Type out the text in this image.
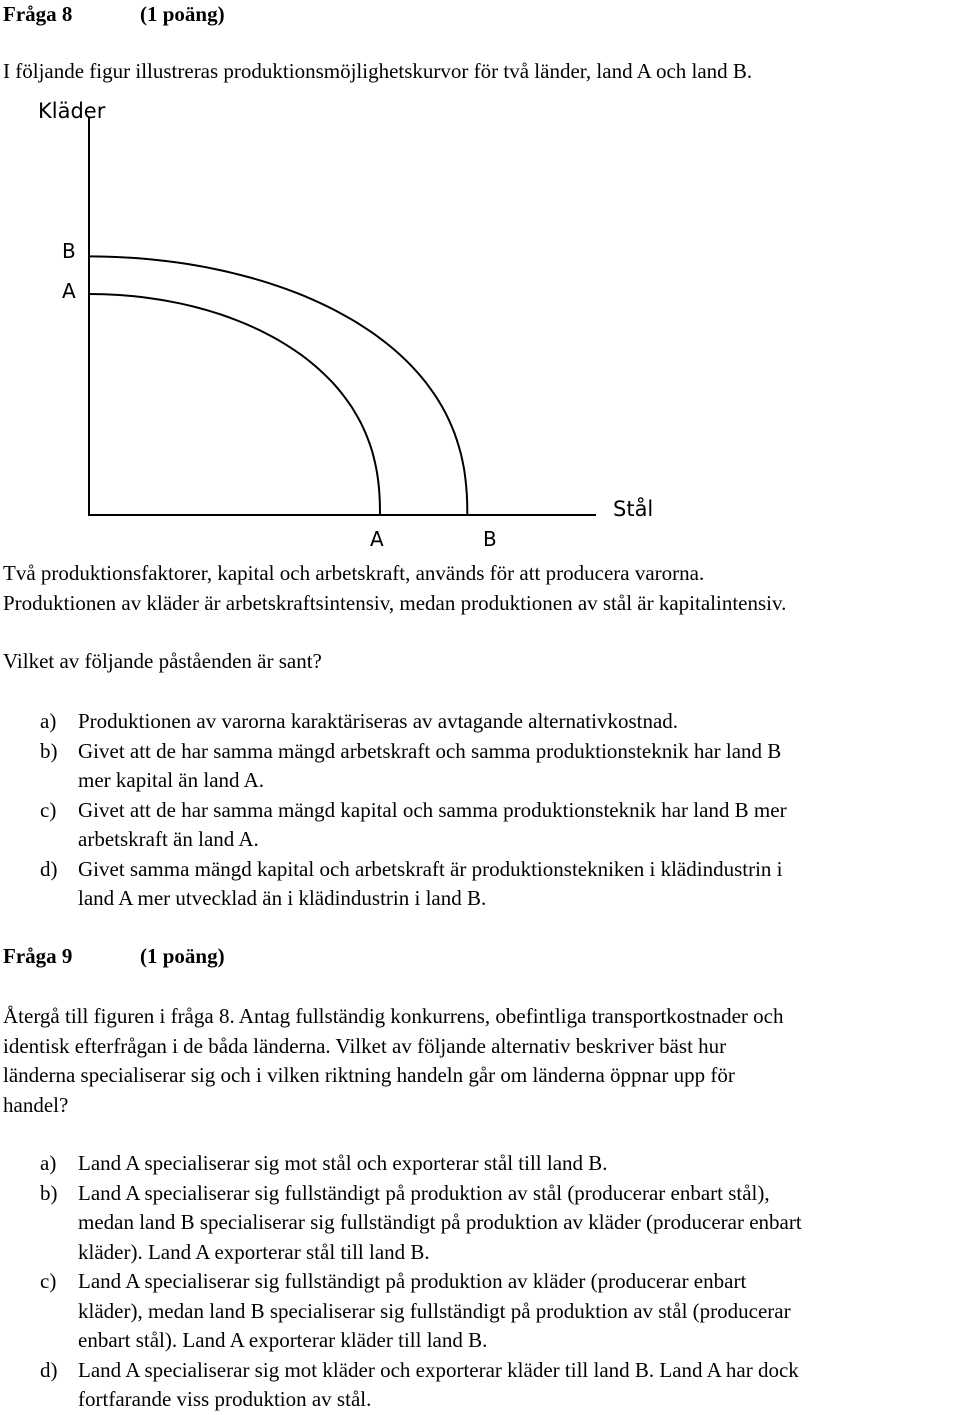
Fråga 8	(1 poäng)
I följande figur illustreras produktionsmöjlighetskurvor för två länder, land A och land B.
Kläder
Stål
B
A
A	B
Två produktionsfaktorer, kapital och arbetskraft, används för att producera varorna.
Produktionen av kläder är arbetskraftsintensiv, medan produktionen av stål är kapitalintensiv.
Vilket av följande påståenden är sant?
a) Produktionen av varorna karaktäriseras av avtagande alternativkostnad.
b) Givet att de har samma mängd arbetskraft och samma produktionsteknik har land B
mer kapital än land A.
c) Givet att de har samma mängd kapital och samma produktionsteknik har land B mer
arbetskraft än land A.
d) Givet samma mängd kapital och arbetskraft är produktionstekniken i klädindustrin i
land A mer utvecklad än i klädindustrin i land B.
Fråga 9	(1 poäng)
Återgå till figuren i fråga 8. Antag fullständig konkurrens, obefintliga transportkostnader och
identisk efterfrågan i de båda länderna. Vilket av följande alternativ beskriver bäst hur
länderna specialiserar sig och i vilken riktning handeln går om länderna öppnar upp för
handel?
a) Land A specialiserar sig mot stål och exporterar stål till land B.
b) Land A specialiserar sig fullständigt på produktion av stål (producerar enbart stål),
medan land B specialiserar sig fullständigt på produktion av kläder (producerar enbart
kläder). Land A exporterar stål till land B.
c) Land A specialiserar sig fullständigt på produktion av kläder (producerar enbart
kläder), medan land B specialiserar sig fullständigt på produktion av stål (producerar
enbart stål). Land A exporterar kläder till land B.
d) Land A specialiserar sig mot kläder och exporterar kläder till land B. Land A har dock
fortfarande viss produktion av stål.
